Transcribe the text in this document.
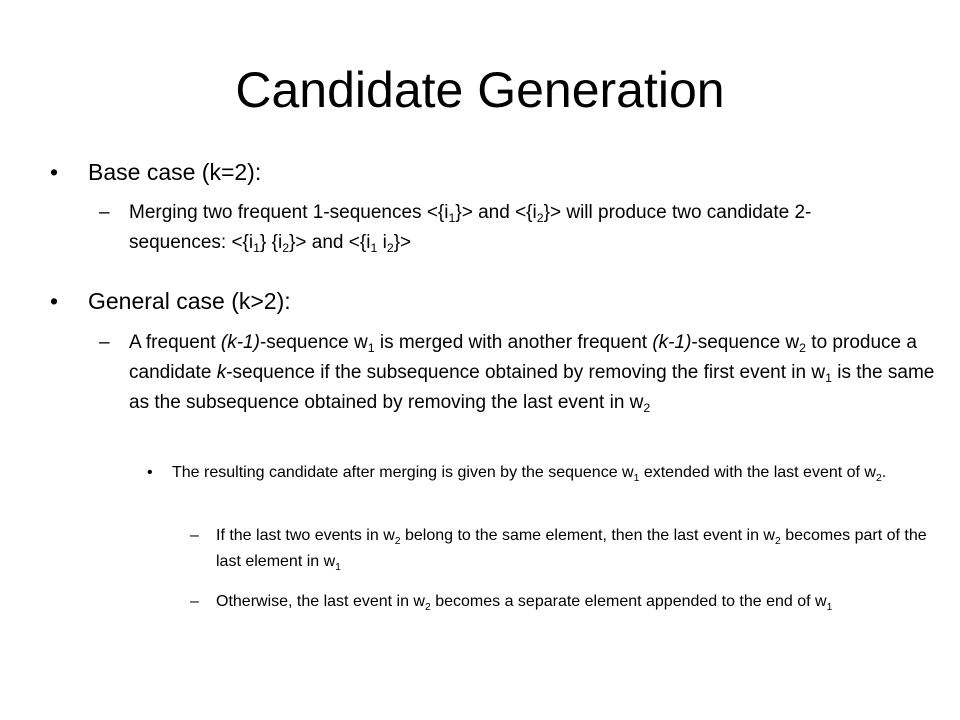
Candidate Generation
• Base case (k=2):
– Merging two frequent 1-sequences $<\{i_1\}>$ and $<\{i_2\}>$ will produce two candidate 2-sequences: $<\{i_1\}$ $\{i_2\}>$ and $<\{i_1$ $i_2\}>$
• General case (k>2):
– A frequent (k-1)-sequence $w_1$ is merged with another frequent (k-1)-sequence $w_2$ to produce a candidate k-sequence if the subsequence obtained by removing the first event in $w_1$ is the same as the subsequence obtained by removing the last event in $w_2$
• The resulting candidate after merging is given by the sequence $w_1$ extended with the last event of $w_2$.
– If the last two events in $w_2$ belong to the same element, then the last event in $w_2$ becomes part of the last element in $w_1$
– Otherwise, the last event in $w_2$ becomes a separate element appended to the end of $w_1$
